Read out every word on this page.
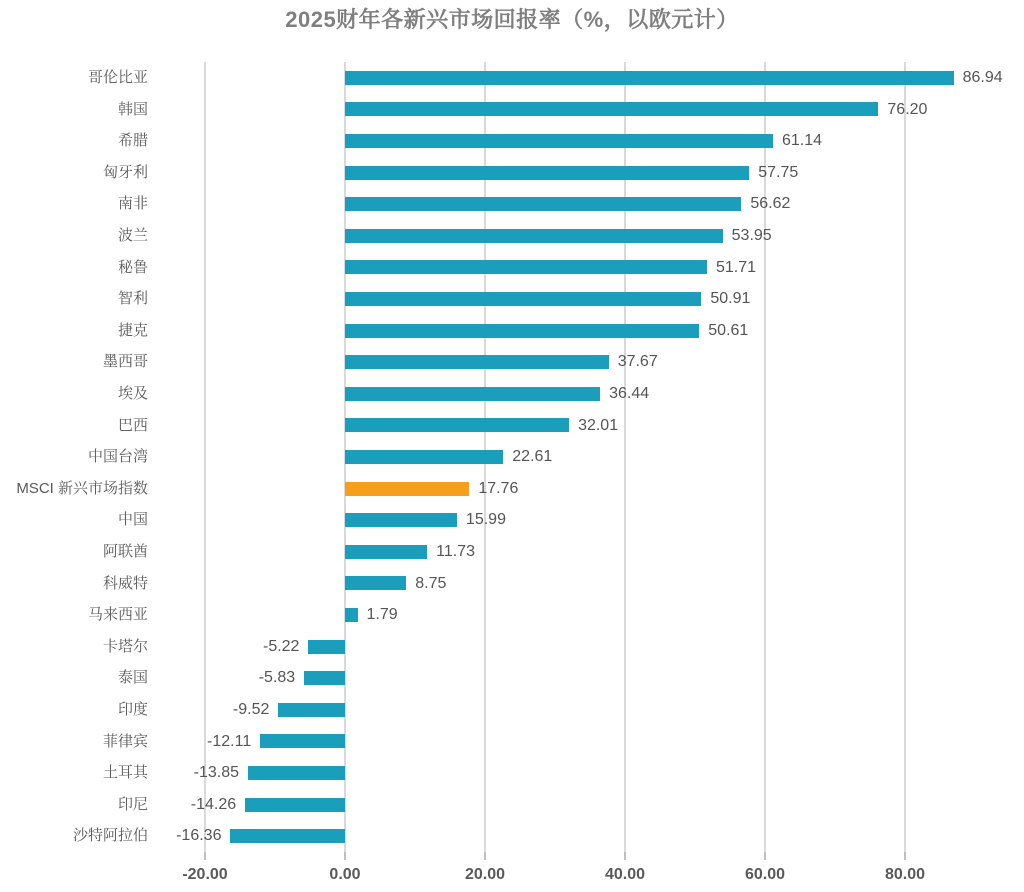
2025财年各新兴市场回报率（%，以欧元计）
哥伦比亚	86.94
韩国	76.20
希腊	61.14
匈牙利	57.75
南非	56.62
波兰	53.95
秘鲁	51.71
智利	50.91
捷克	50.61
墨西哥	37.67
埃及	36.44
巴西	32.01
中国台湾	22.61
MSCI 新兴市场指数	17.76
中国	15.99
阿联酋	11.73
科威特	8.75
马来西亚	1.79
卡塔尔	-5.22
泰国	-5.83
印度	-9.52
菲律宾	-12.11
土耳其	-13.85
印尼	-14.26
沙特阿拉伯 -16.36
-20.00	0.00	20.00	40.00	60.00	80.00
